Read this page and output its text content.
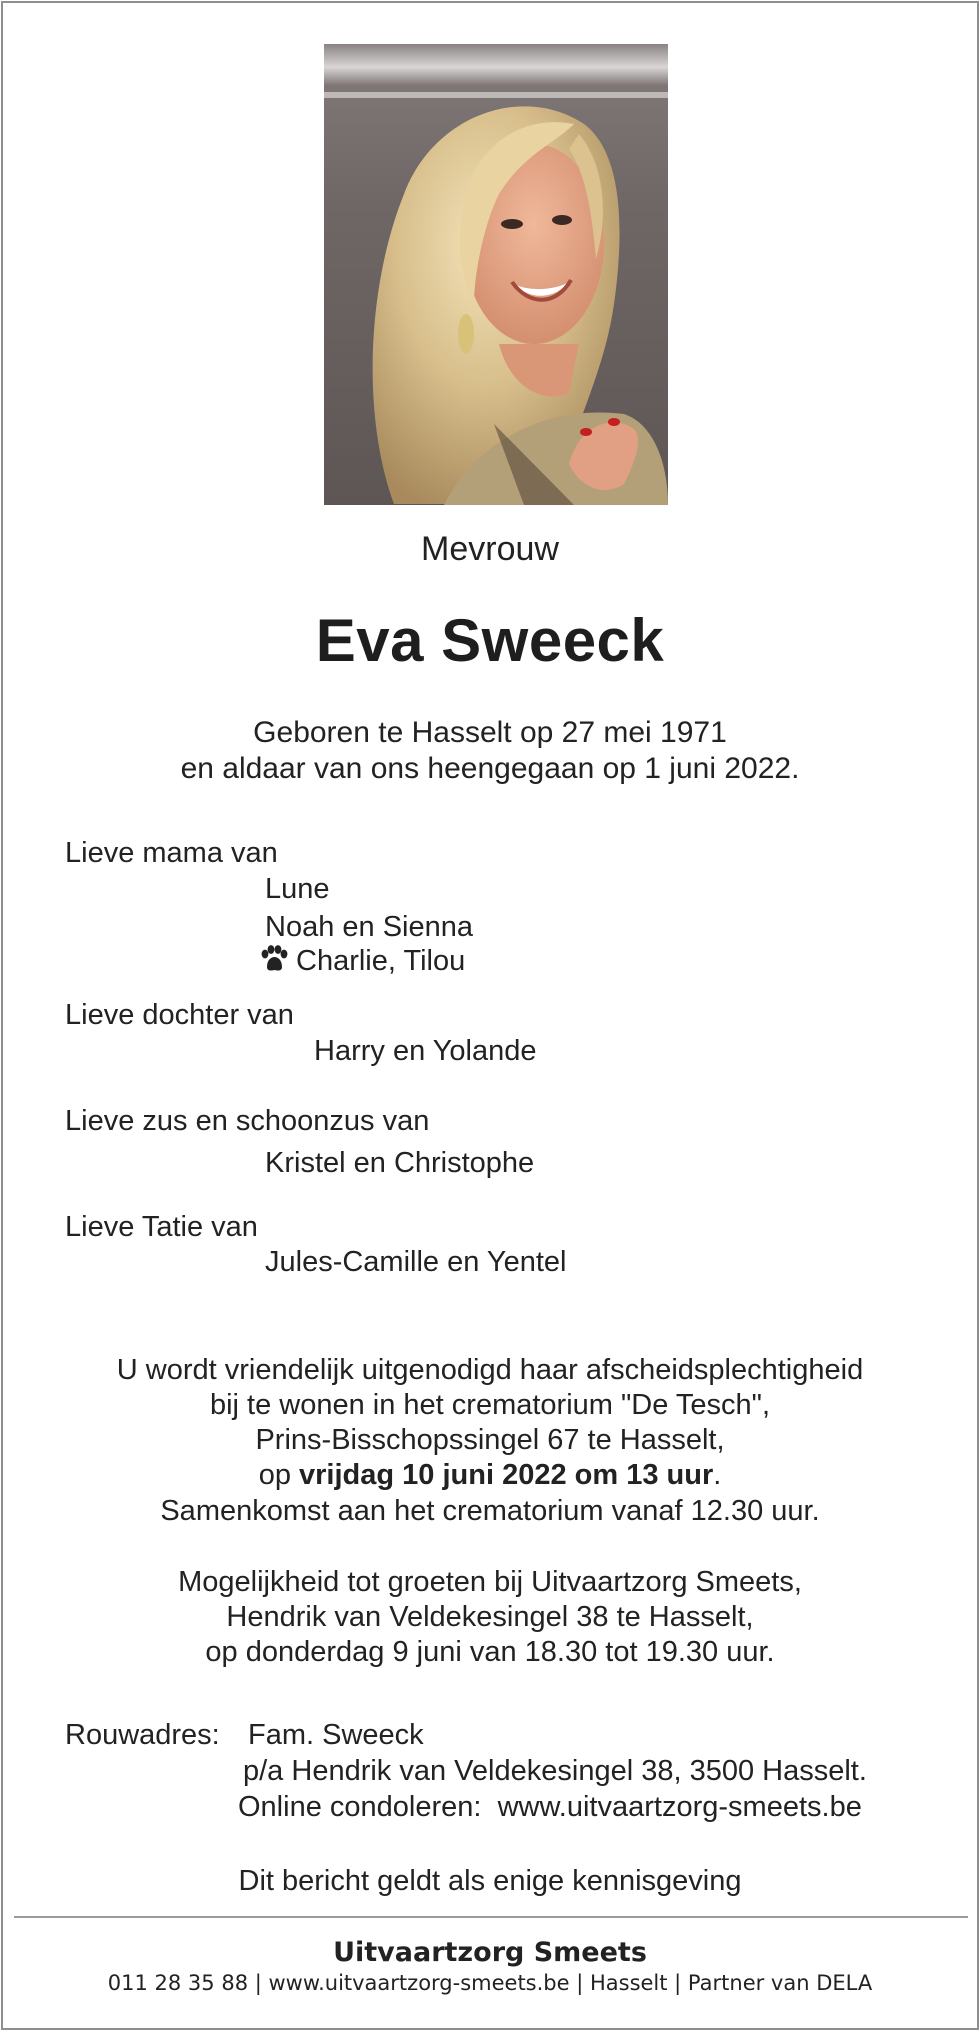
Mevrouw
Eva Sweeck
Geboren te Hasselt op 27 mei 1971
en aldaar van ons heengegaan op 1 juni 2022.
Lieve mama van
Lune
Noah en Sienna
Charlie, Tilou
Lieve dochter van
Harry en Yolande
Lieve zus en schoonzus van
Kristel en Christophe
Lieve Tatie van
Jules-Camille en Yentel
U wordt vriendelijk uitgenodigd haar afscheidsplechtigheid
bij te wonen in het crematorium "De Tesch",
Prins-Bisschopssingel 67 te Hasselt,
op vrijdag 10 juni 2022 om 13 uur.
Samenkomst aan het crematorium vanaf 12.30 uur.
Mogelijkheid tot groeten bij Uitvaartzorg Smeets,
Hendrik van Veldekesingel 38 te Hasselt,
op donderdag 9 juni van 18.30 tot 19.30 uur.
Rouwadres: Fam. Sweeck
p/a Hendrik van Veldekesingel 38, 3500 Hasselt.
Online condoleren: www.uitvaartzorg-smeets.be
Dit bericht geldt als enige kennisgeving
Uitvaartzorg Smeets
011 28 35 88 | www.uitvaartzorg-smeets.be | Hasselt | Partner van DELA
